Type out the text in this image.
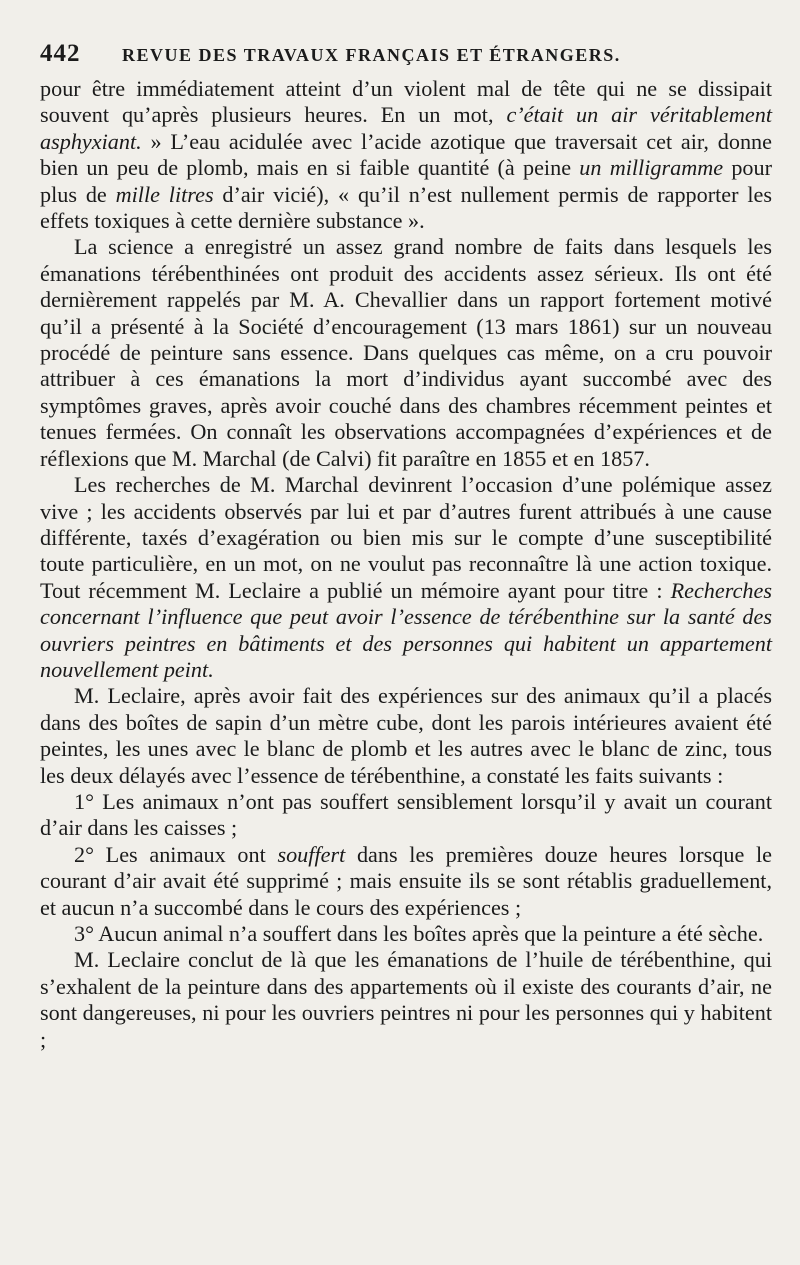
442	REVUE DES TRAVAUX FRANÇAIS ET ÉTRANGERS.

pour être immédiatement atteint d’un violent mal de tête qui ne se dissipait souvent qu’après plusieurs heures. En un mot, c’était un air véritablement asphyxiant. » L’eau acidulée avec l’acide azotique que traversait cet air, donne bien un peu de plomb, mais en si faible quantité (à peine un milligramme pour plus de mille litres d’air vicié), « qu’il n’est nullement permis de rapporter les effets toxiques à cette dernière substance ».

La science a enregistré un assez grand nombre de faits dans lesquels les émanations térébenthinées ont produit des accidents assez sérieux. Ils ont été dernièrement rappelés par M. A. Chevallier dans un rapport fortement motivé qu’il a présenté à la Société d’encouragement (13 mars 1861) sur un nouveau procédé de peinture sans essence. Dans quelques cas même, on a cru pouvoir attribuer à ces émanations la mort d’individus ayant succombé avec des symptômes graves, après avoir couché dans des chambres récemment peintes et tenues fermées. On connaît les observations accompagnées d’expériences et de réflexions que M. Marchal (de Calvi) fit paraître en 1855 et en 1857.

Les recherches de M. Marchal devinrent l’occasion d’une polémique assez vive ; les accidents observés par lui et par d’autres furent attribués à une cause différente, taxés d’exagération ou bien mis sur le compte d’une susceptibilité toute particulière, en un mot, on ne voulut pas reconnaître là une action toxique. Tout récemment M. Leclaire a publié un mémoire ayant pour titre : Recherches concernant l’influence que peut avoir l’essence de térébenthine sur la santé des ouvriers peintres en bâtiments et des personnes qui habitent un appartement nouvellement peint.

M. Leclaire, après avoir fait des expériences sur des animaux qu’il a placés dans des boîtes de sapin d’un mètre cube, dont les parois intérieures avaient été peintes, les unes avec le blanc de plomb et les autres avec le blanc de zinc, tous les deux délayés avec l’essence de térébenthine, a constaté les faits suivants :

1° Les animaux n’ont pas souffert sensiblement lorsqu’il y avait un courant d’air dans les caisses ;

2° Les animaux ont souffert dans les premières douze heures lorsque le courant d’air avait été supprimé ; mais ensuite ils se sont rétablis graduellement, et aucun n’a succombé dans le cours des expériences ;

3° Aucun animal n’a souffert dans les boîtes après que la peinture a été sèche.

M. Leclaire conclut de là que les émanations de l’huile de térébenthine, qui s’exhalent de la peinture dans des appartements où il existe des courants d’air, ne sont dangereuses, ni pour les ouvriers peintres ni pour les personnes qui y habitent ;
